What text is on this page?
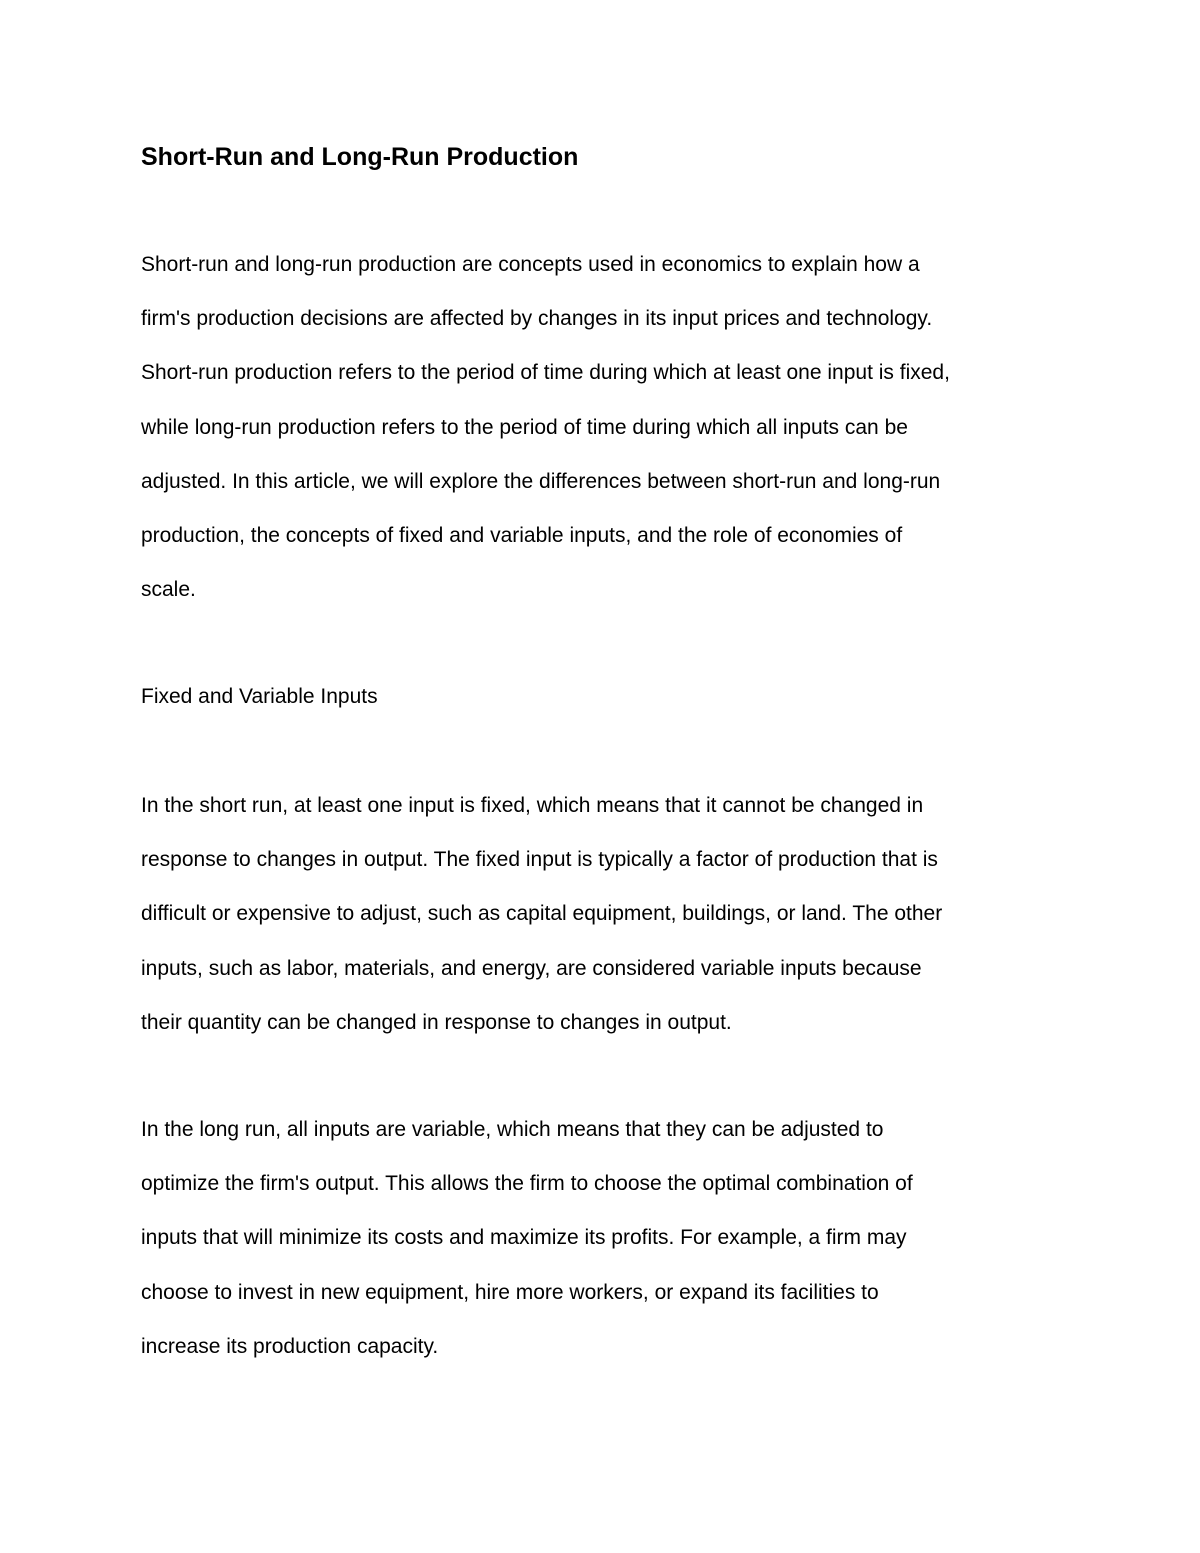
Short-Run and Long-Run Production

Short-run and long-run production are concepts used in economics to explain how a
firm's production decisions are affected by changes in its input prices and technology.
Short-run production refers to the period of time during which at least one input is fixed,
while long-run production refers to the period of time during which all inputs can be
adjusted. In this article, we will explore the differences between short-run and long-run
production, the concepts of fixed and variable inputs, and the role of economies of
scale.

Fixed and Variable Inputs

In the short run, at least one input is fixed, which means that it cannot be changed in
response to changes in output. The fixed input is typically a factor of production that is
difficult or expensive to adjust, such as capital equipment, buildings, or land. The other
inputs, such as labor, materials, and energy, are considered variable inputs because
their quantity can be changed in response to changes in output.

In the long run, all inputs are variable, which means that they can be adjusted to
optimize the firm's output. This allows the firm to choose the optimal combination of
inputs that will minimize its costs and maximize its profits. For example, a firm may
choose to invest in new equipment, hire more workers, or expand its facilities to
increase its production capacity.
